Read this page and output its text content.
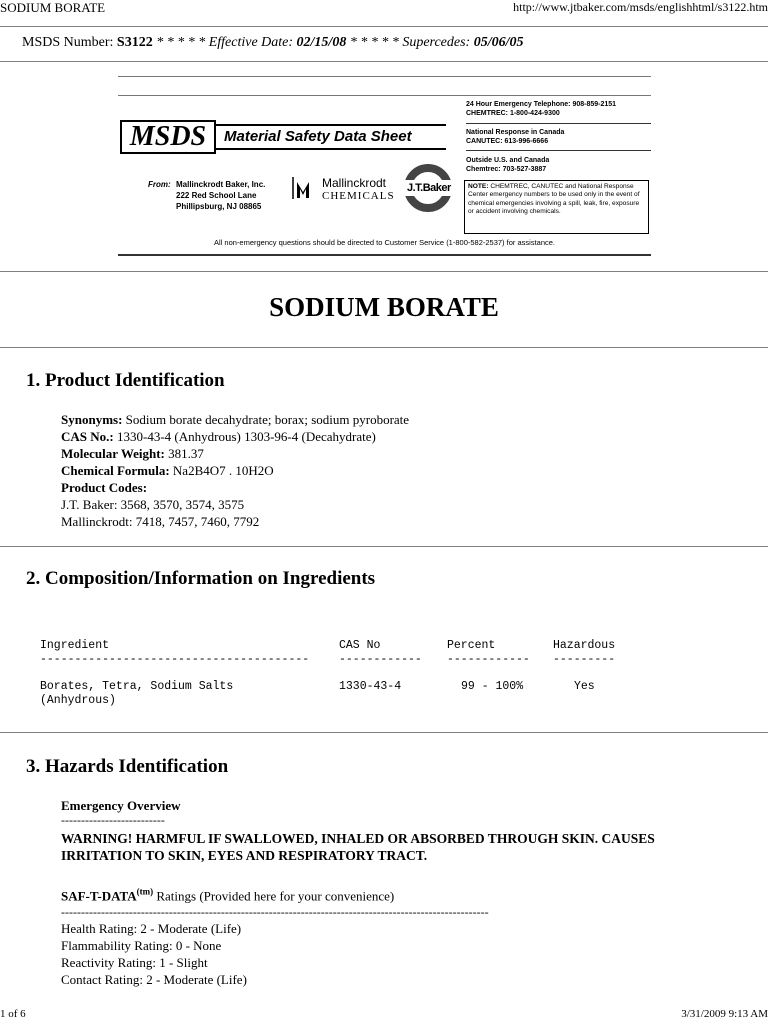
SODIUM BORATE	http://www.jtbaker.com/msds/englishhtml/s3122.htm
MSDS Number: S3122 * * * * * Effective Date: 02/15/08 * * * * * Supercedes: 05/06/05
MSDS	Material Safety Data Sheet
From: Mallinckrodt Baker, Inc.
222 Red School Lane
Phillipsburg, NJ 08865
Mallinckrodt
CHEMICALS
J.T.Baker
24 Hour Emergency Telephone: 908-859-2151
CHEMTREC: 1-800-424-9300
National Response in Canada
CANUTEC: 613-996-6666
Outside U.S. and Canada
Chemtrec: 703-527-3887
NOTE: CHEMTREC, CANUTEC and National Response Center emergency numbers to be used only in the event of chemical emergencies involving a spill, leak, fire, exposure or accident involving chemicals.
All non-emergency questions should be directed to Customer Service (1-800-582-2537) for assistance.
SODIUM BORATE
1. Product Identification
Synonyms: Sodium borate decahydrate; borax; sodium pyroborate
CAS No.: 1330-43-4 (Anhydrous) 1303-96-4 (Decahydrate)
Molecular Weight: 381.37
Chemical Formula: Na2B4O7 . 10H2O
Product Codes:
J.T. Baker: 3568, 3570, 3574, 3575
Mallinckrodt: 7418, 7457, 7460, 7792
2. Composition/Information on Ingredients
Ingredient	CAS No	Percent	Hazardous
---------------------------------------	------------ ------------ ---------
Borates, Tetra, Sodium Salts
(Anhydrous)
1330-43-4	99 - 100%	Yes
3. Hazards Identification
Emergency Overview
--------------------------
WARNING! HARMFUL IF SWALLOWED, INHALED OR ABSORBED THROUGH SKIN. CAUSES
IRRITATION TO SKIN, EYES AND RESPIRATORY TRACT.
SAF-$T-DATA^{(tm)}$ Ratings (Provided here for your convenience)
-----------------------------------------------------------------------------------------------------------
Health Rating: 2 - Moderate (Life)
Flammability Rating: 0 - None
Reactivity Rating: 1 - Slight
Contact Rating: 2 - Moderate (Life)
1 of 6	3/31/2009 9:13 AM
